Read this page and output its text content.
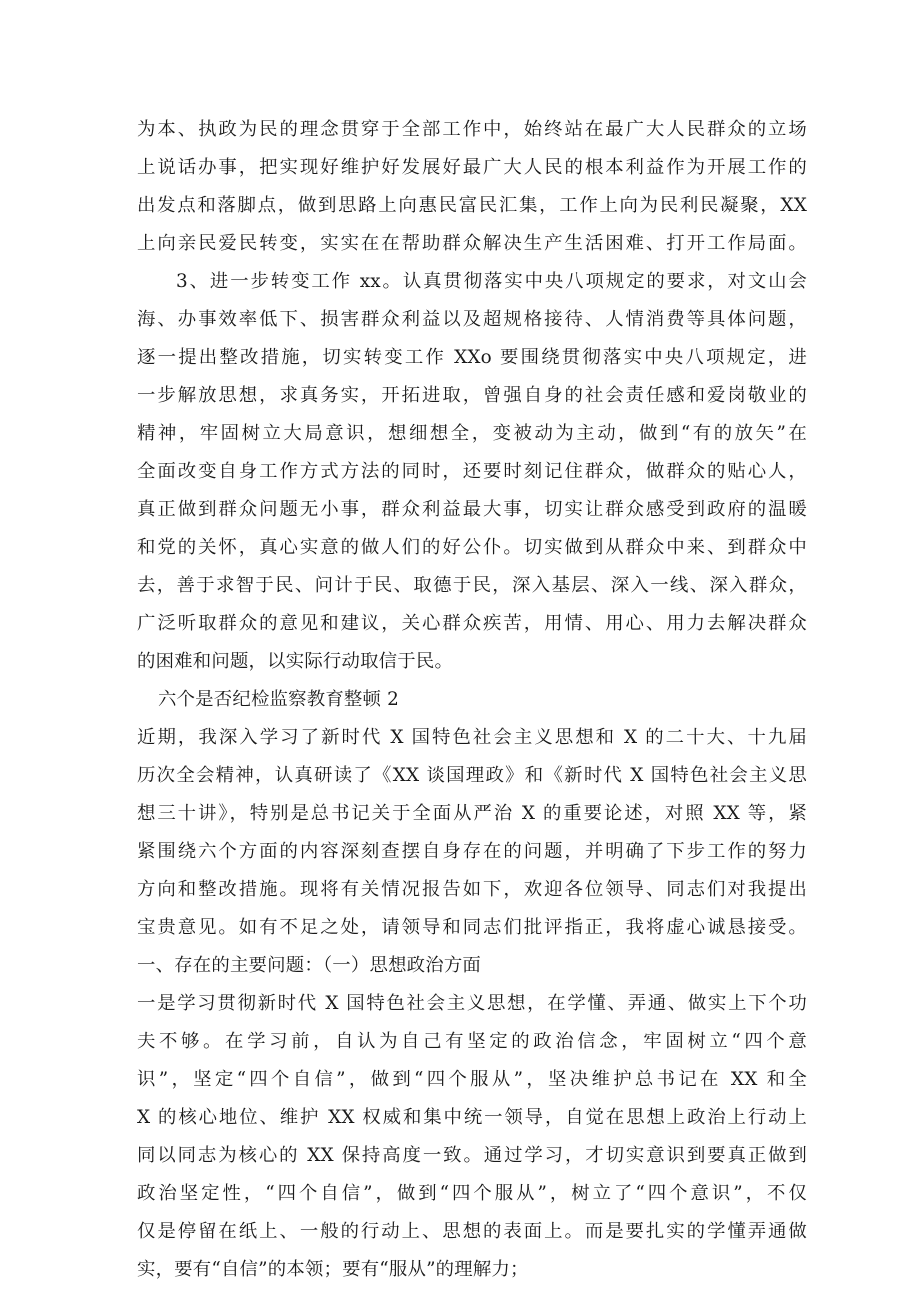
为本、执政为民的理念贯穿于全部工作中，始终站在最广大人民群众的立场
上说话办事，把实现好维护好发展好最广大人民的根本利益作为开展工作的
出发点和落脚点，做到思路上向惠民富民汇集，工作上向为民利民凝聚，XX
上向亲民爱民转变，实实在在帮助群众解决生产生活困难、打开工作局面。
3、进一步转变工作 xx。认真贯彻落实中央八项规定的要求，对文山会
海、办事效率低下、损害群众利益以及超规格接待、人情消费等具体问题，
逐一提出整改措施，切实转变工作 XXo 要围绕贯彻落实中央八项规定，进
一步解放思想，求真务实，开拓进取，曾强自身的社会责任感和爱岗敬业的
精神，牢固树立大局意识，想细想全，变被动为主动，做到“有的放矢”在
全面改变自身工作方式方法的同时，还要时刻记住群众，做群众的贴心人，
真正做到群众问题无小事，群众利益最大事，切实让群众感受到政府的温暖
和党的关怀，真心实意的做人们的好公仆。切实做到从群众中来、到群众中
去，善于求智于民、问计于民、取德于民，深入基层、深入一线、深入群众，
广泛听取群众的意见和建议，关心群众疾苦，用情、用心、用力去解决群众
的困难和问题，以实际行动取信于民。
六个是否纪检监察教育整顿 2
近期，我深入学习了新时代 X 国特色社会主义思想和 X 的二十大、十九届
历次全会精神，认真研读了《XX 谈国理政》和《新时代 X 国特色社会主义思
想三十讲》，特别是总书记关于全面从严治 X 的重要论述，对照 XX 等，紧
紧围绕六个方面的内容深刻查摆自身存在的问题，并明确了下步工作的努力
方向和整改措施。现将有关情况报告如下，欢迎各位领导、同志们对我提出
宝贵意见。如有不足之处，请领导和同志们批评指正，我将虚心诚恳接受。
一、存在的主要问题：（一）思想政治方面
一是学习贯彻新时代 X 国特色社会主义思想，在学懂、弄通、做实上下个功
夫不够。在学习前，自认为自己有坚定的政治信念，牢固树立“四个意
识”，坚定“四个自信”，做到“四个服从”，坚决维护总书记在 XX 和全
X 的核心地位、维护 XX 权威和集中统一领导，自觉在思想上政治上行动上
同以同志为核心的 XX 保持高度一致。通过学习，才切实意识到要真正做到
政治坚定性，“四个自信”，做到“四个服从”，树立了“四个意识”，不仅
仅是停留在纸上、一般的行动上、思想的表面上。而是要扎实的学懂弄通做
实，要有“自信”的本领；要有“服从”的理解力；
